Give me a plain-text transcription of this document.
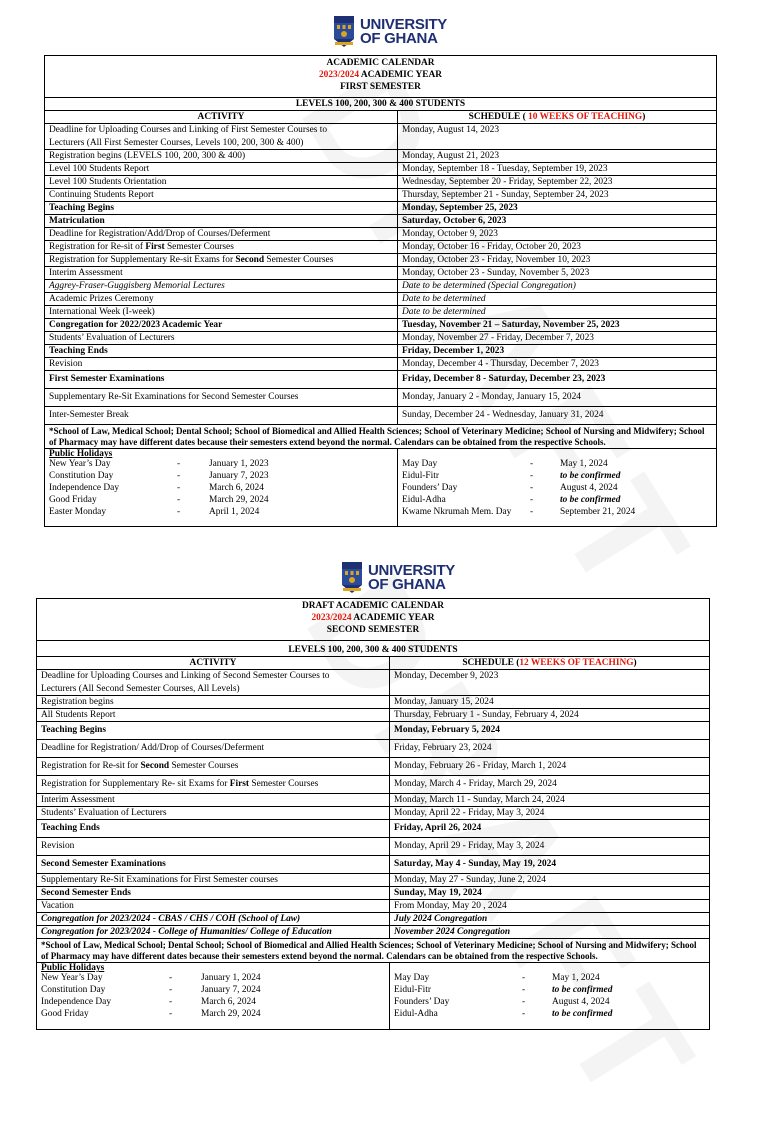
UNIVERSITY
OF GHANA
ACADEMIC CALENDAR
2023/2024 ACADEMIC YEAR
FIRST SEMESTER

LEVELS 100, 200, 300 & 400 STUDENTS
ACTIVITY	SCHEDULE ( 10 WEEKS OF TEACHING)
Deadline for Uploading Courses and Linking of First Semester Courses to
Lecturers (All First Semester Courses, Levels 100, 200, 300 & 400)	Monday, August 14, 2023
Registration begins (LEVELS 100, 200, 300 & 400)	Monday, August 21, 2023
Level 100 Students Report	Monday, September 18 - Tuesday, September 19, 2023
Level 100 Students Orientation	Wednesday, September 20 - Friday, September 22, 2023
Continuing Students Report	Thursday, September 21 - Sunday, September 24, 2023
Teaching Begins	Monday, September 25, 2023
Matriculation	Saturday, October 6, 2023
Deadline for Registration/Add/Drop of Courses/Deferment	Monday, October 9, 2023
Registration for Re-sit of First Semester Courses	Monday, October 16 - Friday, October 20, 2023
Registration for Supplementary Re-sit Exams for Second Semester Courses	Monday, October 23 - Friday, November 10, 2023
Interim Assessment	Monday, October 23 - Sunday, November 5, 2023
Aggrey-Fraser-Guggisberg Memorial Lectures	Date to be determined (Special Congregation)
Academic Prizes Ceremony	Date to be determined
International Week (I-week)	Date to be determined
Congregation for 2022/2023 Academic Year	Tuesday, November 21 – Saturday, November 25, 2023
Students’ Evaluation of Lecturers	Monday, November 27 - Friday, December 7, 2023
Teaching Ends	Friday, December 1, 2023
Revision	Monday, December 4 - Thursday, December 7, 2023
First Semester Examinations	Friday, December 8 - Saturday, December 23, 2023
Supplementary Re-Sit Examinations for Second Semester Courses	Monday, January 2 - Monday, January 15, 2024
Inter-Semester Break	Sunday, December 24 - Wednesday, January 31, 2024
*School of Law, Medical School; Dental School; School of Biomedical and Allied Health Sciences; School of Veterinary Medicine; School of Nursing and Midwifery; School of Pharmacy may have different dates because their semesters extend beyond the normal. Calendars can be obtained from the respective Schools.

Public Holidays
New Year’s Day	-	January 1, 2023
Constitution Day	-	January 7, 2023
Independence Day	-	March 6, 2024
Good Friday	-	March 29, 2024
Easter Monday	-	April 1, 2024

May Day	-	May 1, 2024
Eidul-Fitr	-	to be confirmed
Founders’ Day	-	August 4, 2024
Eidul-Adha	-	to be confirmed
Kwame Nkrumah Mem. Day	-	September 21, 2024
UNIVERSITY
OF GHANA
DRAFT ACADEMIC CALENDAR
2023/2024 ACADEMIC YEAR
SECOND SEMESTER

LEVELS 100, 200, 300 & 400 STUDENTS
ACTIVITY	SCHEDULE (12 WEEKS OF TEACHING)
Deadline for Uploading Courses and Linking of Second Semester Courses to
Lecturers (All Second Semester Courses, All Levels)	Monday, December 9, 2023
Registration begins	Monday, January 15, 2024
All Students Report	Thursday, February 1 - Sunday, February 4, 2024
Teaching Begins	Monday, February 5, 2024
Deadline for Registration/ Add/Drop of Courses/Deferment	Friday, February 23, 2024
Registration for Re-sit for Second Semester Courses	Monday, February 26 - Friday, March 1, 2024
Registration for Supplementary Re- sit Exams for First Semester Courses	Monday, March 4 - Friday, March 29, 2024
Interim Assessment	Monday, March 11 - Sunday, March 24, 2024
Students’ Evaluation of Lecturers	Monday, April 22 - Friday, May 3, 2024
Teaching Ends	Friday, April 26, 2024
Revision	Monday, April 29 - Friday, May 3, 2024
Second Semester Examinations	Saturday, May 4 - Sunday, May 19, 2024
Supplementary Re-Sit Examinations for First Semester courses	Monday, May 27 - Sunday, June 2, 2024
Second Semester Ends	Sunday, May 19, 2024
Vacation	From Monday, May 20 , 2024
Congregation for 2023/2024 - CBAS / CHS / COH (School of Law)	July 2024 Congregation
Congregation for 2023/2024 - College of Humanities/ College of Education	November 2024 Congregation
*School of Law, Medical School; Dental School; School of Biomedical and Allied Health Sciences; School of Veterinary Medicine; School of Nursing and Midwifery; School of Pharmacy may have different dates because their semesters extend beyond the normal. Calendars can be obtained from the respective Schools.

Public Holidays
New Year’s Day	-	January 1, 2024
Constitution Day	-	January 7, 2024
Independence Day	-	March 6, 2024
Good Friday	-	March 29, 2024

May Day	-	May 1, 2024
Eidul-Fitr	-	to be confirmed
Founders’ Day	-	August 4, 2024
Eidul-Adha	-	to be confirmed
